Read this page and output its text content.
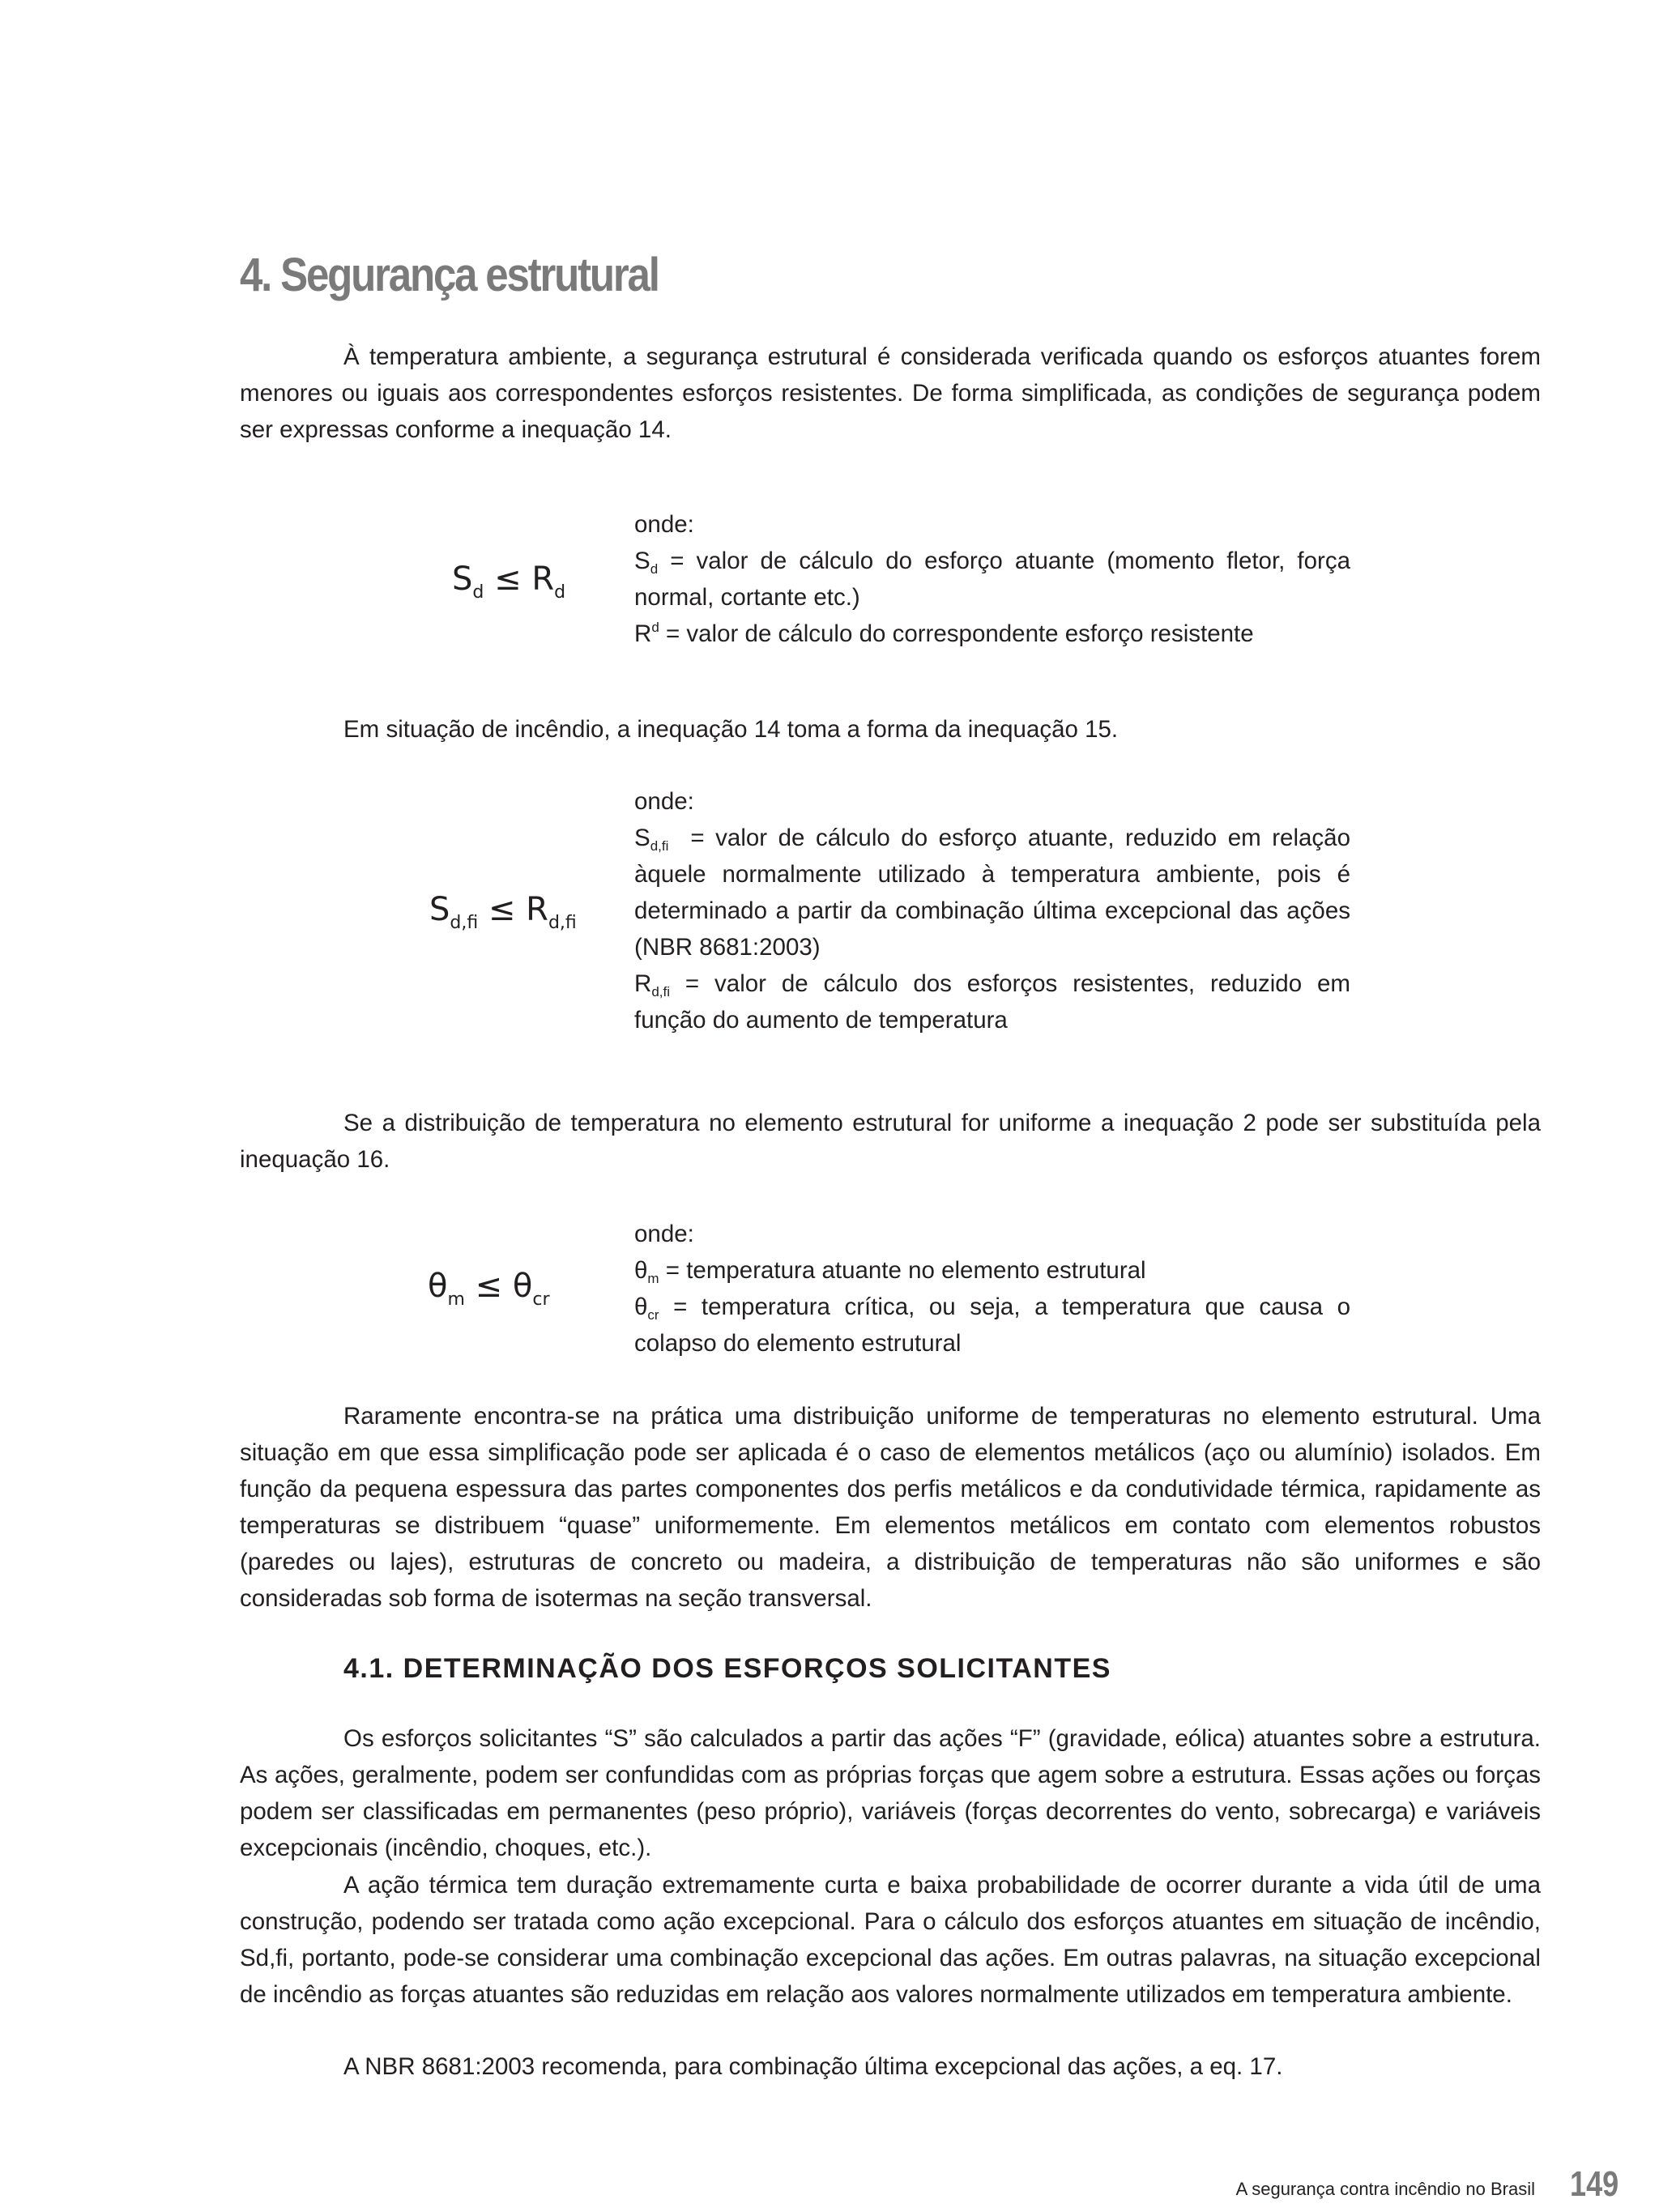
4. Segurança estrutural
À temperatura ambiente, a segurança estrutural é considerada verificada quando os esforços atuantes forem menores ou iguais aos correspondentes esforços resistentes. De forma simplificada, as condições de segurança podem ser expressas conforme a inequação 14.
$S_d \le R_d$
onde:
$S_d$ = valor de cálculo do esforço atuante (momento fletor, força normal, cortante etc.)
$R^d$ = valor de cálculo do correspondente esforço resistente
Em situação de incêndio, a inequação 14 toma a forma da inequação 15.
$S_{d,fi} \le R_{d,fi}$
onde:
$S_{d,fi}$  = valor de cálculo do esforço atuante, reduzido em relação àquele normalmente utilizado à temperatura ambiente, pois é determinado a partir da combinação última excepcional das ações (NBR 8681:2003)
$R_{d,fi}$ = valor de cálculo dos esforços resistentes, reduzido em função do aumento de temperatura
Se a distribuição de temperatura no elemento estrutural for uniforme a inequação 2 pode ser substituída pela inequação 16.
$\theta_m \le \theta_{cr}$
onde:
$\theta_m$ = temperatura atuante no elemento estrutural
$\theta_{cr}$ = temperatura crítica, ou seja, a temperatura que causa o colapso do elemento estrutural
Raramente encontra-se na prática uma distribuição uniforme de temperaturas no elemento estrutural. Uma situação em que essa simplificação pode ser aplicada é o caso de elementos metálicos (aço ou alumínio) isolados. Em função da pequena espessura das partes componentes dos perfis metálicos e da condutividade térmica, rapidamente as temperaturas se distribuem “quase” uniformemente. Em elementos metálicos em contato com elementos robustos (paredes ou lajes), estruturas de concreto ou madeira, a distribuição de temperaturas não são uniformes e são consideradas sob forma de isotermas na seção transversal.
4.1. DETERMINAÇÃO DOS ESFORÇOS SOLICITANTES
Os esforços solicitantes “S” são calculados a partir das ações “F” (gravidade, eólica) atuantes sobre a estrutura. As ações, geralmente, podem ser confundidas com as próprias forças que agem sobre a estrutura. Essas ações ou forças podem ser classificadas em permanentes (peso próprio), variáveis (forças decorrentes do vento, sobrecarga) e variáveis excepcionais (incêndio, choques, etc.).
A ação térmica tem duração extremamente curta e baixa probabilidade de ocorrer durante a vida útil de uma construção, podendo ser tratada como ação excepcional. Para o cálculo dos esforços atuantes em situação de incêndio, Sd,fi, portanto, pode-se considerar uma combinação excepcional das ações. Em outras palavras, na situação excepcional de incêndio as forças atuantes são reduzidas em relação aos valores normalmente utilizados em temperatura ambiente.
A NBR 8681:2003 recomenda, para combinação última excepcional das ações, a eq. 17.
A segurança contra incêndio no Brasil 149
